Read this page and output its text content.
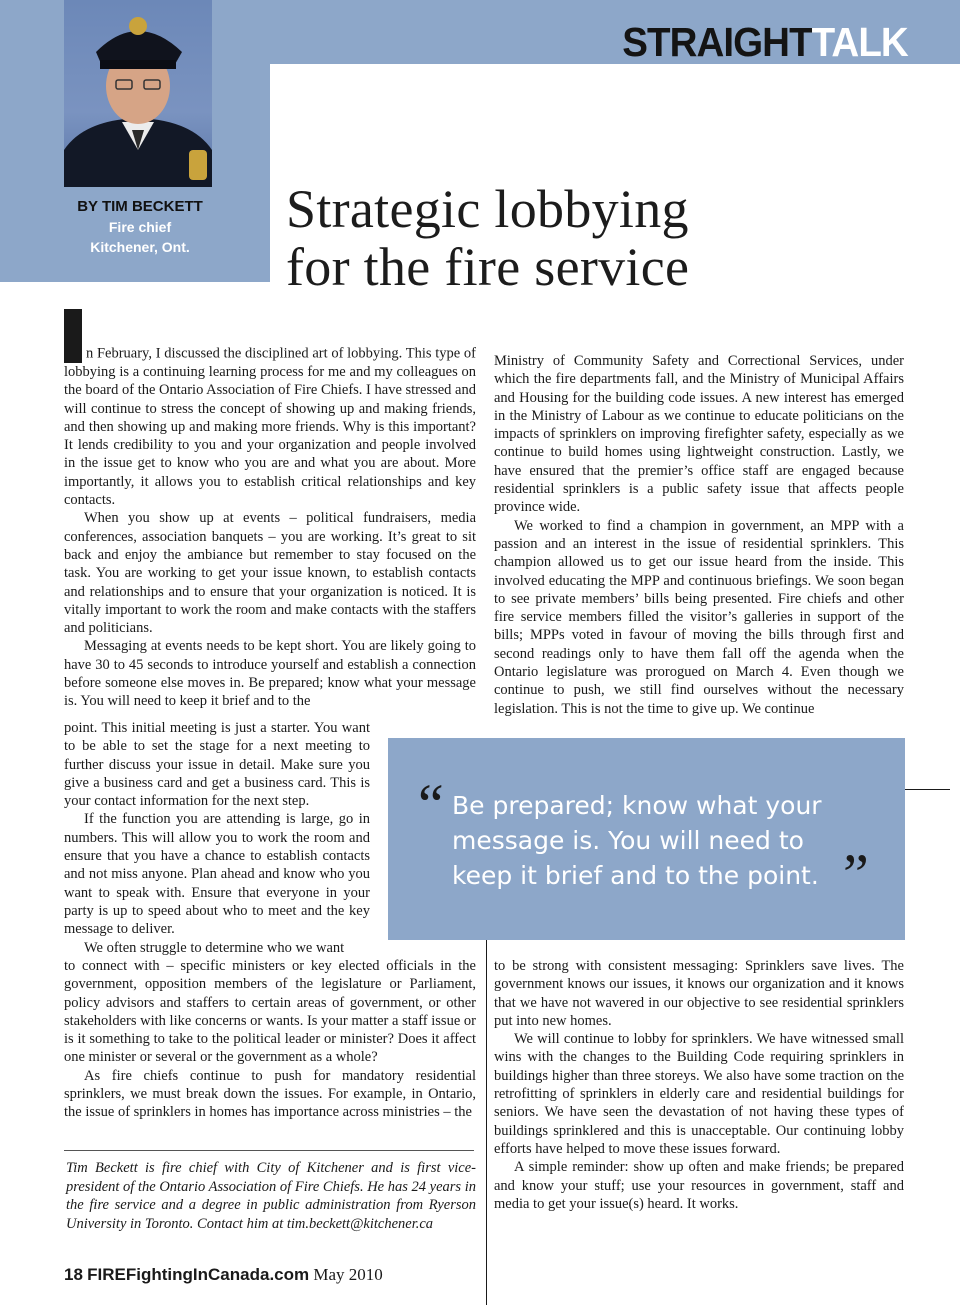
STRAIGHTTALK
BY TIM BECKETT
Fire chief
Kitchener, Ont.
Strategic lobbying
for the fire service

n February, I discussed the disciplined art of lobbying. This type of lobbying is a continuing learning process for me and my colleagues on the board of the Ontario Association of Fire Chiefs. I have stressed and will continue to stress the concept of showing up and making friends, and then showing up and making more friends. Why is this important? It lends credibility to you and your organization and people involved in the issue get to know who you are and what you are about. More importantly, it allows you to establish critical relationships and key contacts.

When you show up at events – political fundraisers, media conferences, association banquets – you are working. It’s great to sit back and enjoy the ambiance but remember to stay focused on the task. You are working to get your issue known, to establish contacts and relationships and to ensure that your organization is noticed. It is vitally important to work the room and make contacts with the staffers and politicians.

Messaging at events needs to be kept short. You are likely going to have 30 to 45 seconds to introduce yourself and establish a connection before someone else moves in. Be prepared; know what your message is. You will need to keep it brief and to the

point. This initial meeting is just a starter. You want to be able to set the stage for a next meeting to further discuss your issue in detail. Make sure you give a business card and get a business card. This is your contact information for the next step.

If the function you are attending is large, go in numbers. This will allow you to work the room and ensure that you have a chance to establish contacts and not miss anyone. Plan ahead and know who you want to speak with. Ensure that everyone in your party is up to speed about who to meet and the key message to deliver.

We often struggle to determine who we want

to connect with – specific ministers or key elected officials in the government, opposition members of the legislature or Parliament, policy advisors and staffers to certain areas of government, or other stakeholders with like concerns or wants. Is your matter a staff issue or is it something to take to the political leader or minister? Does it affect one minister or several or the government as a whole?

As fire chiefs continue to push for mandatory residential sprinklers, we must break down the issues. For example, in Ontario, the issue of sprinklers in homes has importance across ministries – the

Ministry of Community Safety and Correctional Services, under which the fire departments fall, and the Ministry of Municipal Affairs and Housing for the building code issues. A new interest has emerged in the Ministry of Labour as we continue to educate politicians on the impacts of sprinklers on improving firefighter safety, especially as we continue to build homes using lightweight construction. Lastly, we have ensured that the premier’s office staff are engaged because residential sprinklers is a public safety issue that affects people province wide.

We worked to find a champion in government, an MPP with a passion and an interest in the issue of residential sprinklers. This champion allowed us to get our issue heard from the inside. This involved educating the MPP and continuous briefings. We soon began to see private members’ bills being presented. Fire chiefs and other fire service members filled the visitor’s galleries in support of the bills; MPPs voted in favour of moving the bills through first and second readings only to have them fall off the agenda when the Ontario legislature was prorogued on March 4. Even though we continue to push, we still find ourselves without the necessary legislation. This is not the time to give up. We continue

to be strong with consistent messaging: Sprinklers save lives. The government knows our issues, it knows our organization and it knows that we have not wavered in our objective to see residential sprinklers put into new homes.

We will continue to lobby for sprinklers. We have witnessed small wins with the changes to the Building Code requiring sprinklers in buildings higher than three storeys. We also have some traction on the retrofitting of sprinklers in elderly care and residential buildings for seniors. We have seen the devastation of not having these types of buildings sprinklered and this is unacceptable. Our continuing lobby efforts have helped to move these issues forward.

A simple reminder: show up often and make friends; be prepared and know your stuff; use your resources in government, staff and media to get your issue(s) heard. It works.

“ Be prepared; know what your message is. You will need to keep it brief and to the point. ”
Tim Beckett is fire chief with City of Kitchener and is first vice-president of the Ontario Association of Fire Chiefs. He has 24 years in the fire service and a degree in public administration from Ryerson University in Toronto. Contact him at tim.beckett@kitchener.ca
18 FIREFightingInCanada.com May 2010
